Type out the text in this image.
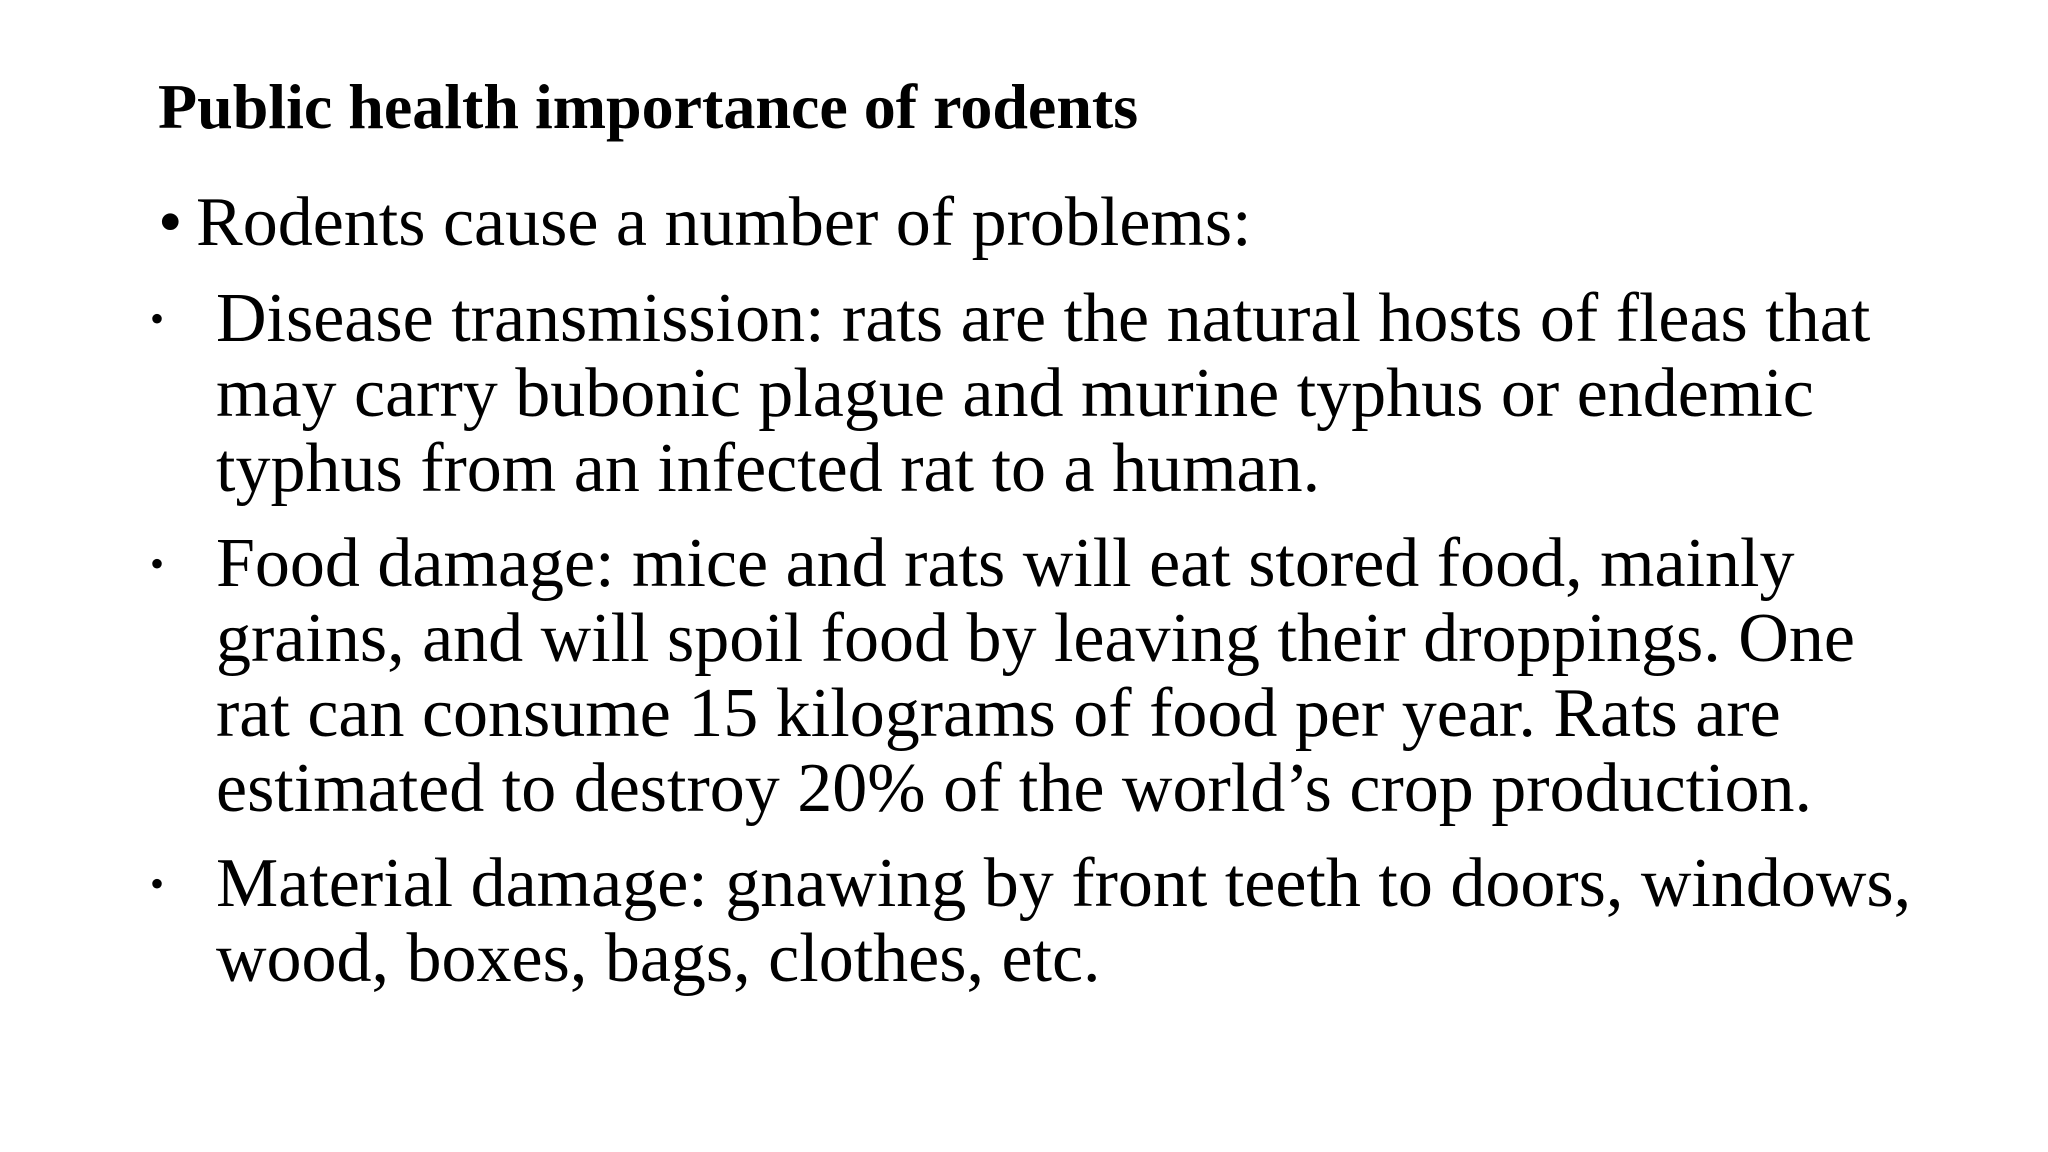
Public health importance of rodents
• Rodents cause a number of problems:
• Disease transmission: rats are the natural hosts of fleas that
may carry bubonic plague and murine typhus or endemic
typhus from an infected rat to a human.
• Food damage: mice and rats will eat stored food, mainly
grains, and will spoil food by leaving their droppings. One
rat can consume 15 kilograms of food per year. Rats are
estimated to destroy 20% of the world’s crop production.
• Material damage: gnawing by front teeth to doors, windows,
wood, boxes, bags, clothes, etc.
